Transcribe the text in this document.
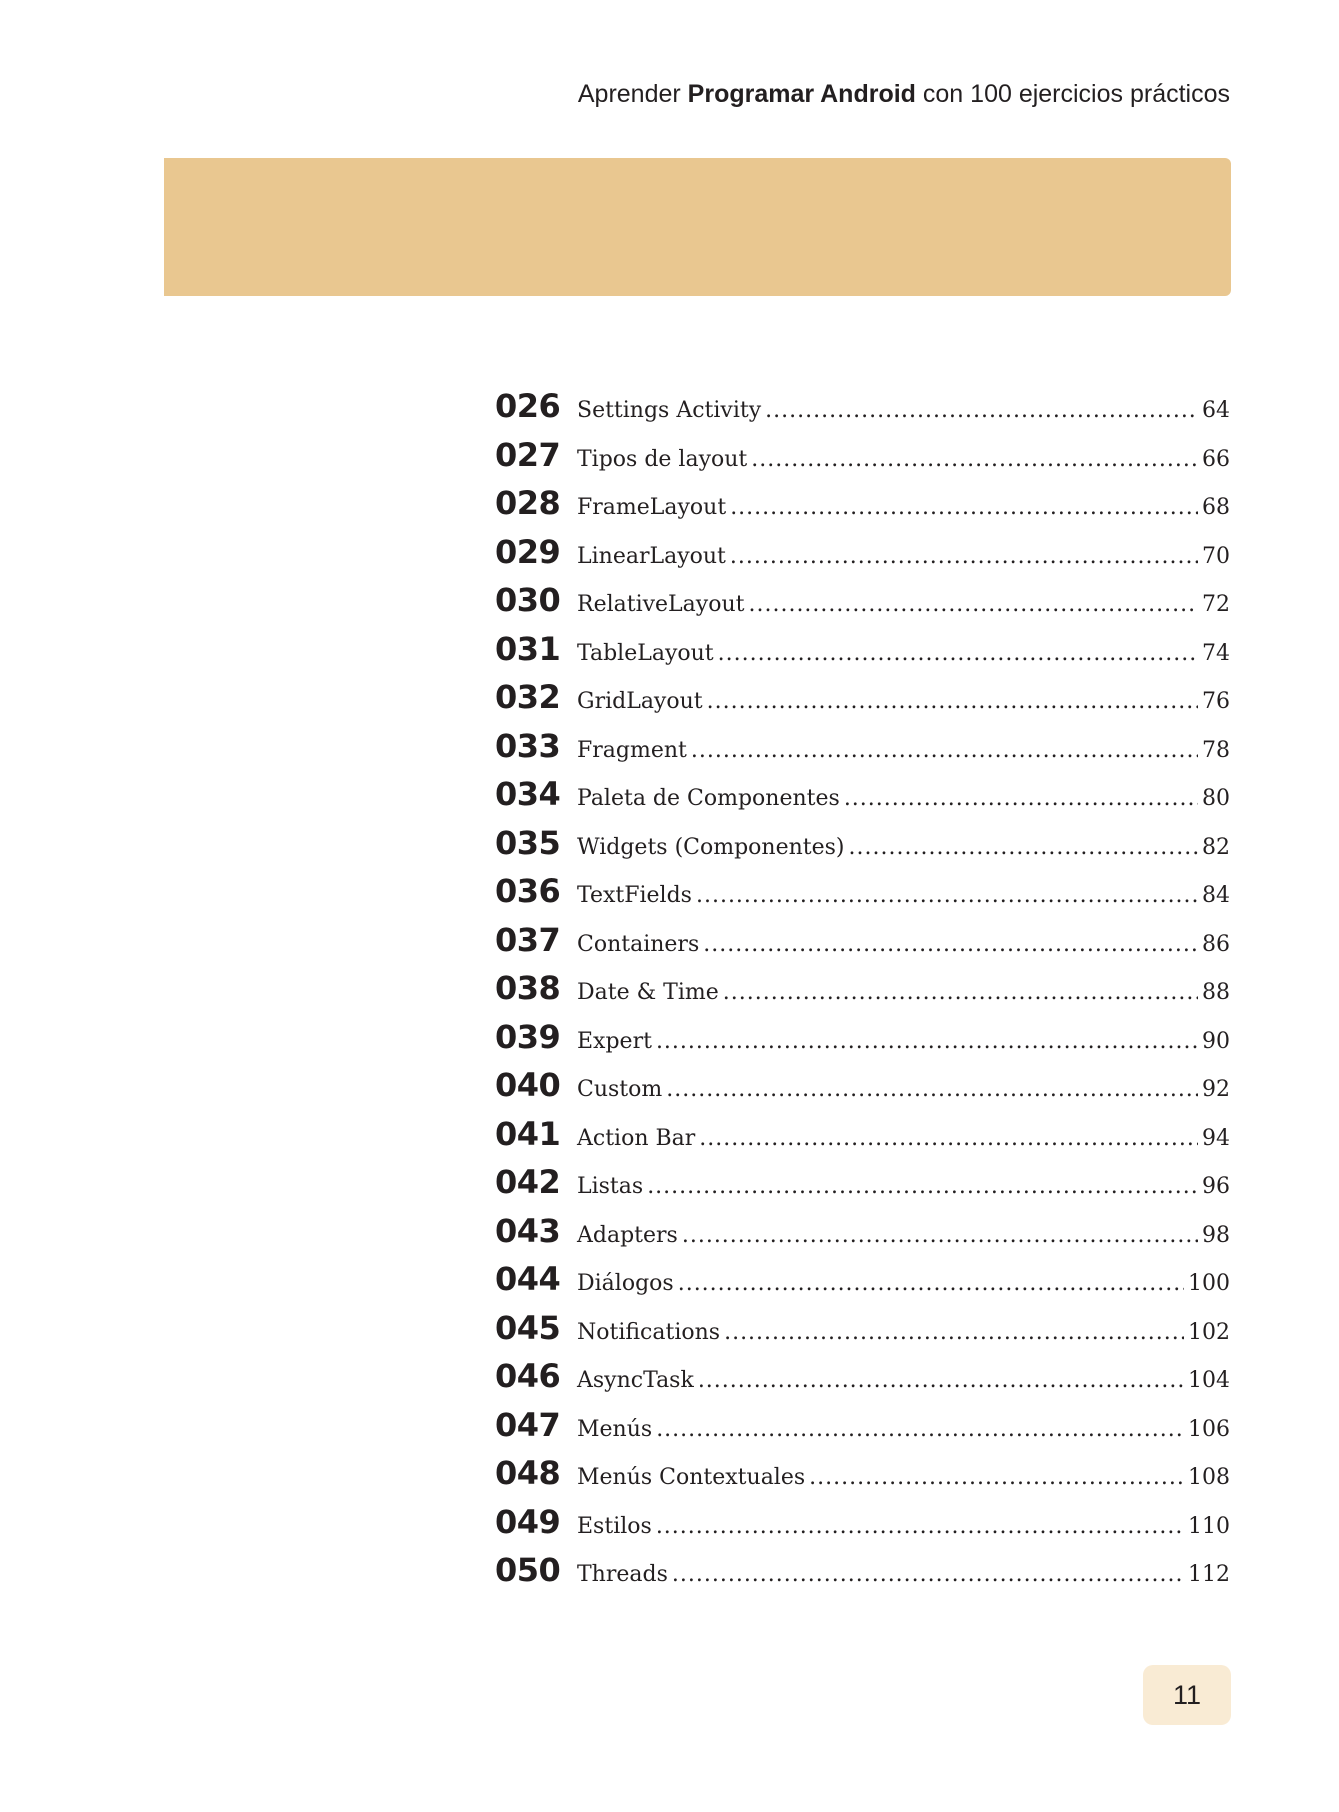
Aprender Programar Android con 100 ejercicios prácticos
026 Settings Activity .....	64
027 Tipos de layout .....	66
028 FrameLayout .....	68
029 LinearLayout .....	70
030 RelativeLayout .....	72
031 TableLayout .....	74
032 GridLayout .....	76
033 Fragment .....	78
034 Paleta de Componentes .....	80
035 Widgets (Componentes) .....	82
036 TextFields .....	84
037 Containers .....	86
038 Date & Time .....	88
039 Expert .....	90
040 Custom .....	92
041 Action Bar .....	94
042 Listas .....	96
043 Adapters .....	98
044 Diálogos .....	100
045 Notifications .....	102
046 AsyncTask .....	104
047 Menús .....	106
048 Menús Contextuales .....	108
049 Estilos .....	110
050 Threads .....	112
11
